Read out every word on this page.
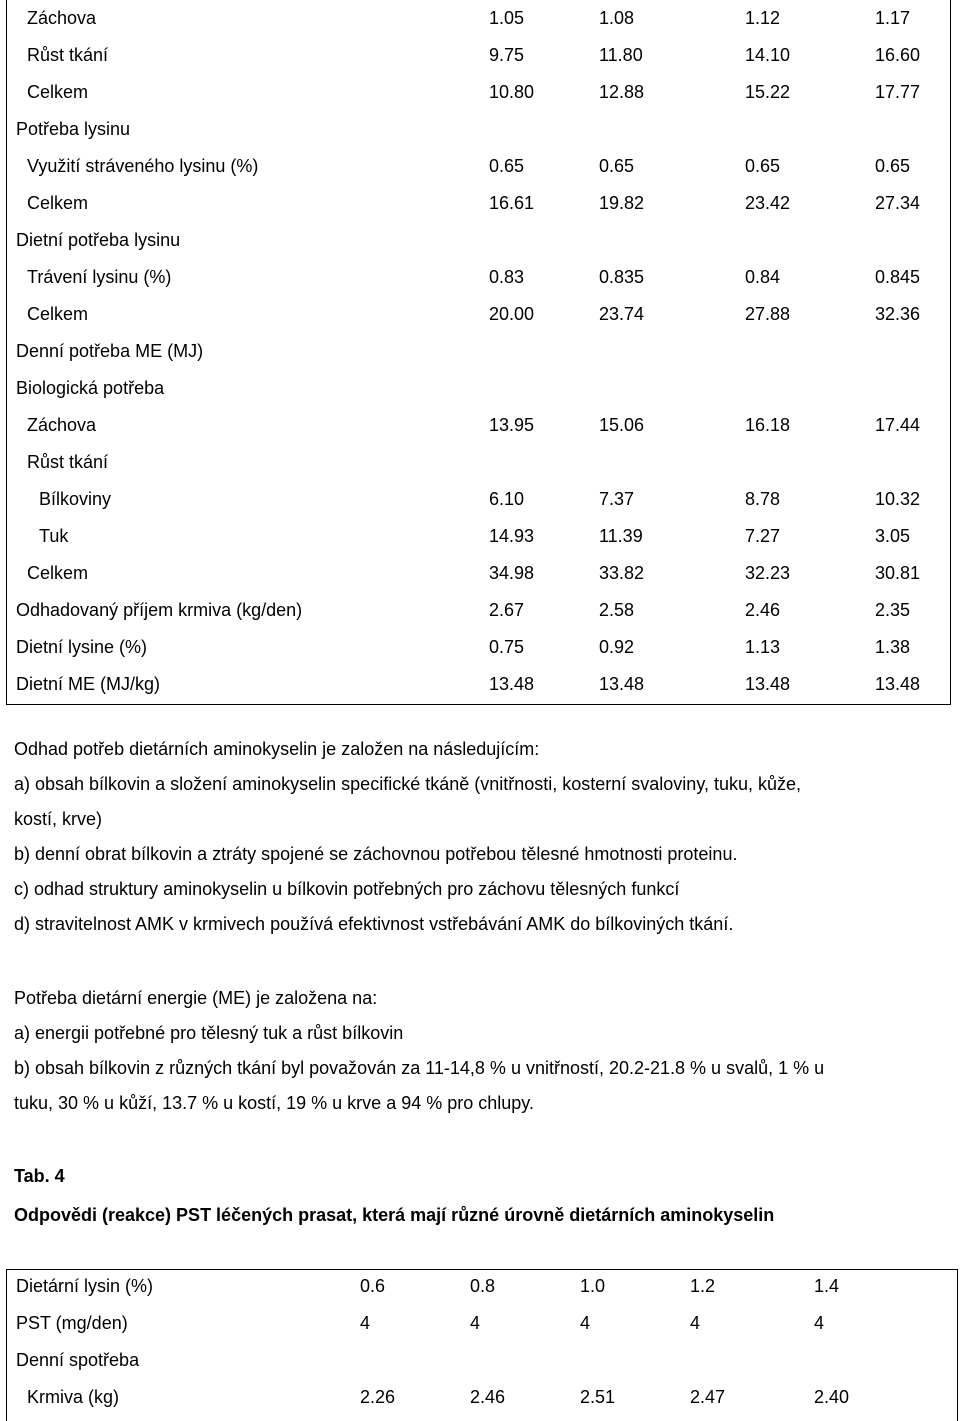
Záchova	1.05	1.08	1.12	1.17
Růst tkání	9.75	11.80	14.10	16.60
Celkem	10.80	12.88	15.22	17.77
Potřeba lysinu
Využití stráveného lysinu (%)	0.65	0.65	0.65	0.65
Celkem	16.61	19.82	23.42	27.34
Dietní potřeba lysinu
Trávení lysinu (%)	0.83	0.835	0.84	0.845
Celkem	20.00	23.74	27.88	32.36
Denní potřeba ME (MJ)
Biologická potřeba
Záchova	13.95	15.06	16.18	17.44
Růst tkání
Bílkoviny	6.10	7.37	8.78	10.32
Tuk	14.93	11.39	7.27	3.05
Celkem	34.98	33.82	32.23	30.81
Odhadovaný příjem krmiva (kg/den)	2.67	2.58	2.46	2.35
Dietní lysine (%)	0.75	0.92	1.13	1.38
Dietní ME (MJ/kg)	13.48	13.48	13.48	13.48

Odhad potřeb dietárních aminokyselin je založen na následujícím:

a) obsah bílkovin a složení aminokyselin specifické tkáně (vnitřnosti, kosterní svaloviny, tuku, kůže,

kostí, krve)

b) denní obrat bílkovin a ztráty spojené se záchovnou potřebou tělesné hmotnosti proteinu.

c) odhad struktury aminokyselin u bílkovin potřebných pro záchovu tělesných funkcí

d) stravitelnost AMK v krmivech používá efektivnost vstřebávání AMK do bílkoviných tkání.

Potřeba dietární energie (ME) je založena na:

a) energii potřebné pro tělesný tuk a růst bílkovin

b) obsah bílkovin z různých tkání byl považován za 11-14,8 % u vnitřností, 20.2-21.8 % u svalů, 1 % u

tuku, 30 % u kůží, 13.7 % u kostí, 19 % u krve a 94 % pro chlupy.

Tab. 4
Odpovědi (reakce) PST léčených prasat, která mají různé úrovně dietárních aminokyselin
Dietární lysin (%)	0.6	0.8	1.0	1.2	1.4
PST (mg/den)	4	4	4	4	4
Denní spotřeba
Krmiva (kg)	2.26	2.46	2.51	2.47	2.40
